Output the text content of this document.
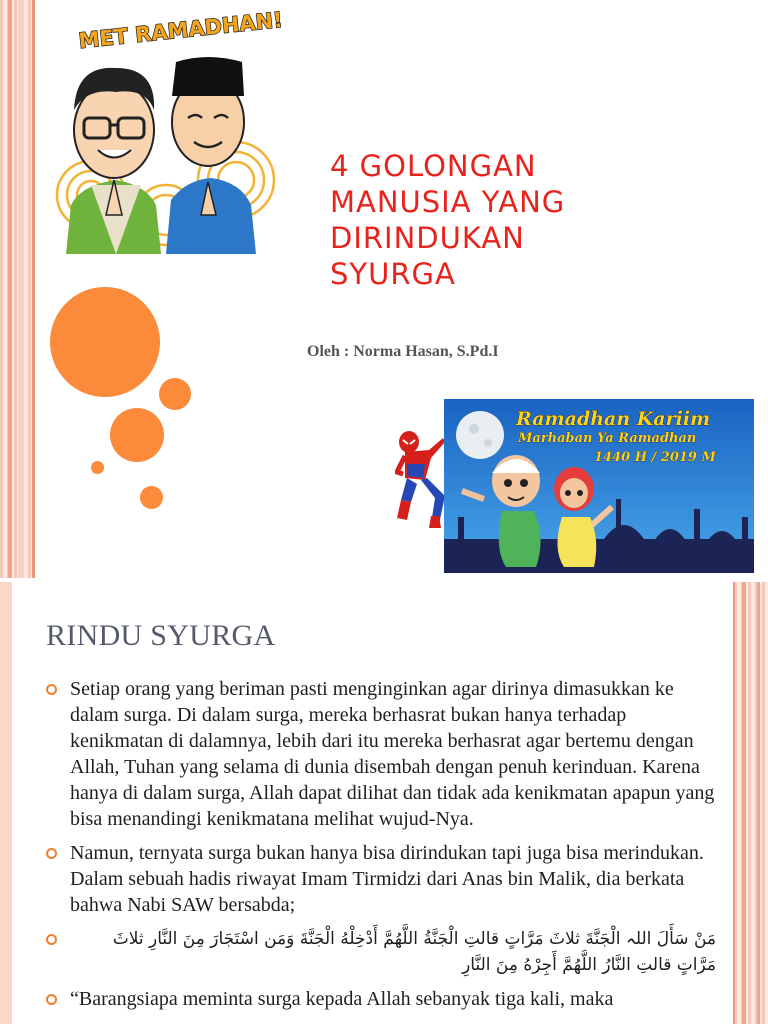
MET RAMADHAN!
4 GOLONGAN
MANUSIA YANG
DIRINDUKAN
SYURGA
Oleh : Norma Hasan, S.Pd.I
Ramadhan Kariim
Marhaban Ya Ramadhan
1440 H / 2019 M
RINDU SYURGA
Setiap orang yang beriman pasti menginginkan agar dirinya dimasukkan ke dalam surga. Di dalam surga, mereka berhasrat bukan hanya terhadap kenikmatan di dalamnya, lebih dari itu mereka berhasrat agar bertemu dengan Allah, Tuhan yang selama di dunia disembah dengan penuh kerinduan. Karena hanya di dalam surga, Allah dapat dilihat dan tidak ada kenikmatan apapun yang bisa menandingi kenikmatana melihat wujud-Nya.
Namun, ternyata surga bukan hanya bisa dirindukan tapi juga bisa merindukan. Dalam sebuah hadis riwayat Imam Tirmidzi dari Anas bin Malik, dia berkata bahwa Nabi SAW bersabda;
مَنْ سَأَلَ اللہ الْجَنَّةَ ثلاثَ مَرَّاتٍ قالتِ الْجَنَّةُ اللَّهُمَّ أَدْخِلْهُ الْجَنَّةَ وَمَن اسْتَجَارَ مِنَ النَّارِ ثلاثَ مَرَّاتٍ قالتِ النَّارُ اللَّهُمَّ أَجِرْهُ مِنَ النَّارِ
“Barangsiapa meminta surga kepada Allah sebanyak tiga kali, maka
